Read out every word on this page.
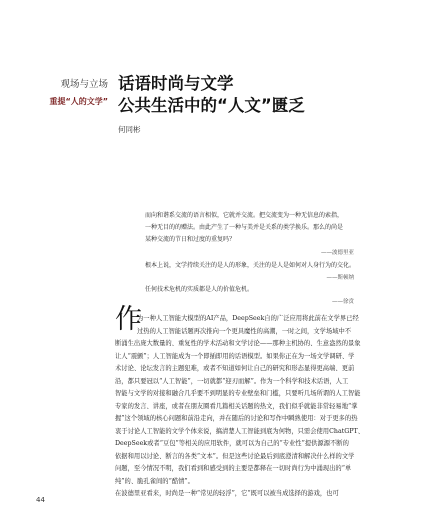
观场与立场
重提“人的文学”
话语时尚与文学
公共生活中的“人文”匮乏
何同彬
而向和谐系交流的语言相似，它就并交流。把交流变为一种无信息的索指，
一种无目的的赠法。由此产生了一种与美并是关系的类学换乐。那么的尚是
某种交流的节日和过度的重复吗？
——波德里亚
根本上说，文学持续关注的是人的形象，关注的是人是如何对人身行为的交化。
——斯顿纳
任何技术危机的实质都是人的价值危机。
——徐贲
作
为一种人工智能大模型的AI产品，DeepSeek自的广泛应用将此前在文学界已经
过热的人工智能话题再次推向一个更具魔性的高潮，一时之间，文学场域中不
断涌生出庞大数量的、重复性的学术活动和文学讨论——那种主机协的、生意盎然的景象
让人“震颤”；人工智能成为一个即插即用的话语模型。如果你正在为一场文学调研、学
术讨论、论坛发言的主题犯难，或者不知道如何让自己的研究和形态显得更高端、更前
沿，都只要冠以“人工智能”，一切就都“迎刃而解”。作为一个科学和技术话语，人工
智能与文学的对接和融合几乎要不到明显的专业壁垒和门槛，只要听几场所谓的人工智能
专家的发言、讲座，或者在朋友圈看几篇相关话题的热文，我们似乎就能非常轻易地“掌
握”这个领域的核心问题和前沿走向，并在随后的讨论和写作中瞬熟使用：对于更多的热
衷于讨论人工智能的文学个体来说，搞清楚人工智能到底为何物，只需会使用ChatGPT、
DeepSeek或者“豆包”等相关的应用软件，就可以为自己的“专业性”提供源源不断的
依据和用以讨论、断言的各类“文本”。但是这些讨论最后到底澄清和解决什么样的文学
问题，至今情况不明，我们看到和感受到的主要是都释在一切时尚行为中涌现出的“单
纯”的、脆孔雀间的“酷情”。
在波德里亚看来，时尚是一种“常见的轻浮”，它“既可以被当成选择的游戏，也可
44
